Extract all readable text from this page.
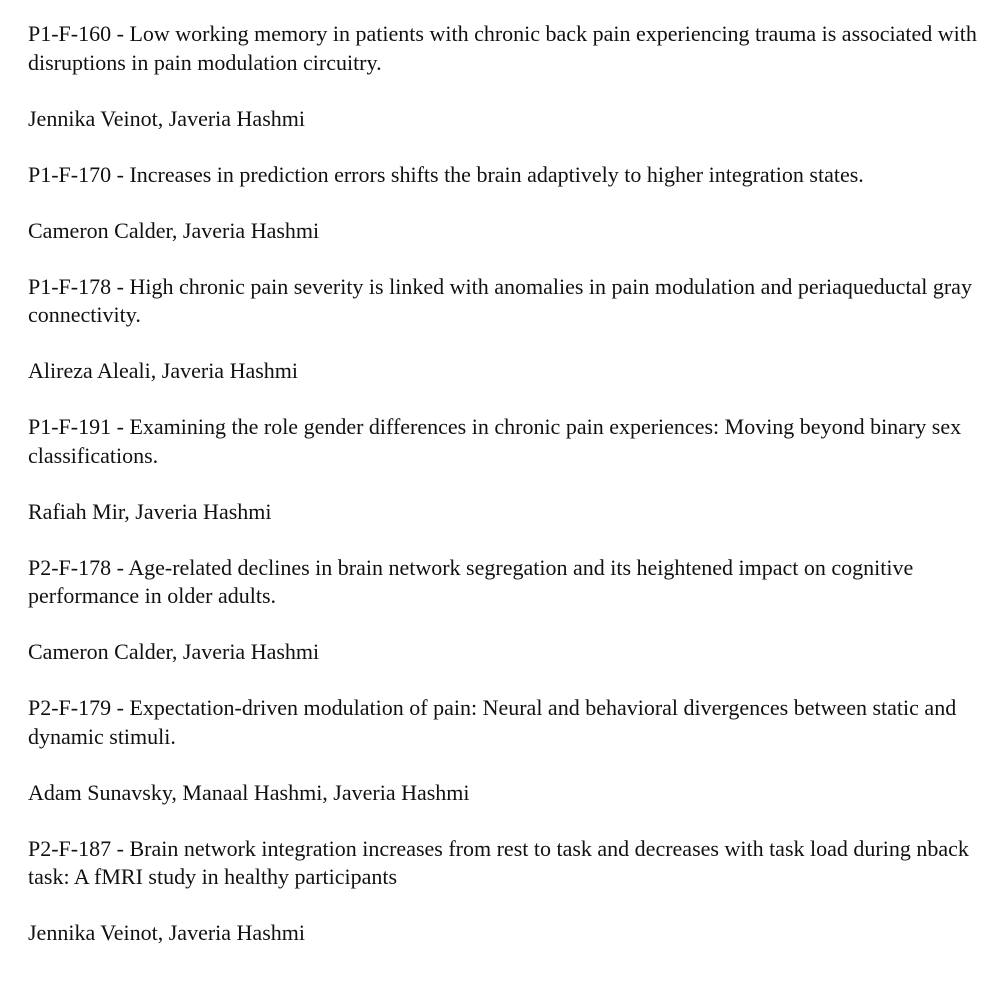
P1-F-160 - Low working memory in patients with chronic back pain experiencing trauma is associated with disruptions in pain modulation circuitry.

Jennika Veinot, Javeria Hashmi

P1-F-170 - Increases in prediction errors shifts the brain adaptively to higher integration states.

Cameron Calder, Javeria Hashmi

P1-F-178 - High chronic pain severity is linked with anomalies in pain modulation and periaqueductal gray connectivity.

Alireza Aleali, Javeria Hashmi

P1-F-191 - Examining the role gender differences in chronic pain experiences: Moving beyond binary sex classifications.

Rafiah Mir, Javeria Hashmi

P2-F-178 - Age-related declines in brain network segregation and its heightened impact on cognitive performance in older adults.

Cameron Calder, Javeria Hashmi

P2-F-179 - Expectation-driven modulation of pain: Neural and behavioral divergences between static and dynamic stimuli.

Adam Sunavsky, Manaal Hashmi, Javeria Hashmi

P2-F-187 - Brain network integration increases from rest to task and decreases with task load during nback task: A fMRI study in healthy participants

Jennika Veinot, Javeria Hashmi
